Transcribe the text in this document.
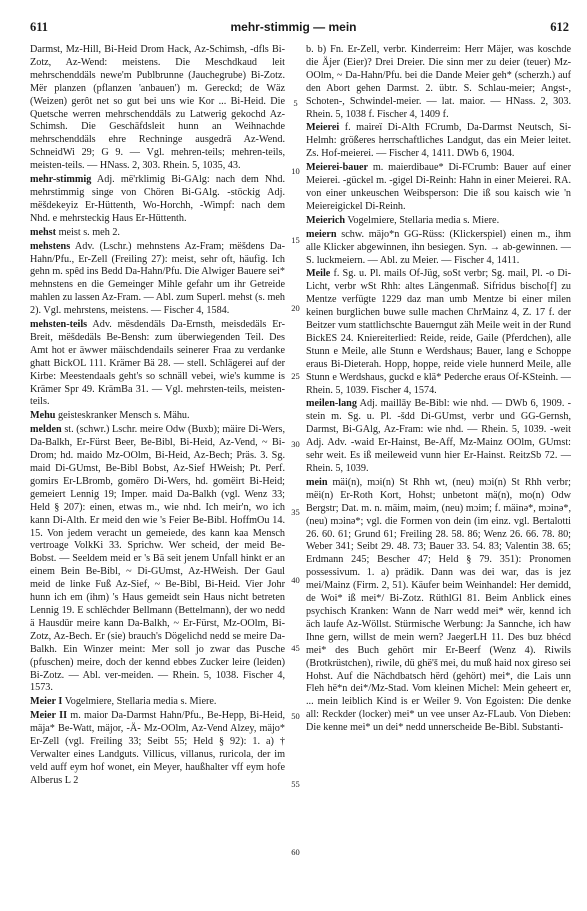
611	mehr-stimmig — mein	612

Darmst, Mz-Hill, Bi-Heid Drom Hack, Az-Schimsh, -dfls Bi-Zotz, Az-Wend: meistens. Die Meschdkaud leit mehrschenddäls newe'm Publbrunne (Jauchegrube) Bi-Zotz. Mër planzen (pflanzen 'anbauen') m. Gereckd; de Wäz (Weizen) gerôt net so gut bei uns wie Kor ... Bi-Heid. Die Quetsche werren mehrschenddäls zu Latwerig gekochd Az-Schimsh. Die Geschäfdsleit hunn an Weihnachde mehrschenddäls ehre Rechninge ausgedrä Az-Wend. SchneidWi 29; G 9. — Vgl. mehren-teils; mehren-teils, meisten-teils. — HNass. 2, 303. Rhein. 5, 1035, 43.

mehr-stimmig Adj. më'rklimig Bi-GAlg: nach dem Nhd. mehrstimmig singe von Chören Bi-GAlg. -stöckig Adj. mëšdekeyiz Er-Hüttenth, Wo-Horchh, -Wimpf: nach dem Nhd. e mehrsteckig Haus Er-Hüttenth.

mehst meist s. meh 2.

mehstens Adv. (Lschr.) mehnstens Az-Fram; mëšdens Da-Hahn/Pfu., Er-Zell (Freiling 27): meist, sehr oft, häufig. Ich gehn m. spêd ins Bedd Da-Hahn/Pfu. Die Alwiger Bauere sei* mehnstens en die Gemeinger Mihle gefahr um ihr Getreide mahlen zu lassen Az-Fram. — Abl. zum Superl. mehst (s. meh 2). Vgl. mehrstens, meistens. — Fischer 4, 1584.

mehsten-teils Adv. mësdendäls Da-Ernsth, meisdedäls Er-Breit, mëšdedäls Be-Bensh: zum überwiegenden Teil. Des Amt hot er äwwer mäischdendails seinerer Fraa zu verdanke ghatt BickOL 111. Krämer Bä 28. — stell. Schlägerei auf der Kirbe: Meestendaals geht's so schnäll vebei, wie's kumme is Krämer Spr 49. KrämBa 31. — Vgl. mehrsten-teils, meisten-teils.

Mehu geisteskranker Mensch s. Mähu.

melden st. (schwr.) Lschr. meire Odw (Buxb); mäire Di-Wers, Da-Balkh, Er-Fürst Beer, Be-Bibl, Bi-Heid, Az-Vend, ~ Bi-Drom; hd. maido Mz-OOlm, Bi-Heid, Az-Bech; Präs. 3. Sg. maid Di-GUmst, Be-Bibl Bobst, Az-Sief HWeish; Pt. Perf. gomirs Er-LBromb, gomëro Di-Wers, hd. gomëirt Bi-Heid; gemeiert Lennig 19; Imper. maid Da-Balkh (vgl. Wenz 33; Held § 207): einen, etwas m., wie nhd. Ich meir'n, wo ich kann Di-Alth. Er meid den wie 's Feier Be-Bibl. HoffmOu 14. 15. Von jedem veracht un gemeiede, des kann kaa Mensch vertroage VolkKi 33. Sprichw. Wer scheid, der meid Be-Bobst. — Seeldem meid er 's Bä seit jenem Unfall hinkt er an einem Bein Be-Bibl, ~ Di-GUmst, Az-HWeish. Der Gaul meid de linke Fuß Az-Sief, ~ Be-Bibl, Bi-Heid. Vier Johr hunn ich em (ihm) 's Haus gemeidt sein Haus nicht betreten Lennig 19. E schlëchder Bellmann (Bettelmann), der wo nedd ä Hausdür meire kann Da-Balkh, ~ Er-Fürst, Mz-OOlm, Bi-Zotz, Az-Bech. Er (sie) brauch's Dögelichd nedd se meire Da-Balkh. Ein Winzer meint: Mer soll jo zwar das Pusche (pfuschen) meire, doch der kennd ebbes Zucker leire (leiden) Bi-Zotz. — Abl. ver-meiden. — Rhein. 5, 1038. Fischer 4, 1573.

Meier I Vogelmiere, Stellaria media s. Miere.

Meier II m. maior Da-Darmst Hahn/Pfu., Be-Hepp, Bi-Heid, mäja* Be-Watt, mäjor, -Ä- Mz-OOlm, Az-Vend Alzey, mäjo* Er-Zell (vgl. Freiling 33; Seibt 55; Held § 92): 1. a) † Verwalter eines Landguts. Villicus, villanus, ruricola, der im veld auff eym hof wonet, ein Meyer, haußhalter vff eym hofe Alberus L 2

5
10
15
20
25
30
35
40
45
50
55
60

b. b) Fn. Er-Zell, verbr. Kinderreim: Herr Mäjer, was koschde die Äjer (Eier)? Drei Dreier. Die sinn mer zu deier (teuer) Mz-OOlm, ~ Da-Hahn/Pfu. bei die Dande Meier geh* (scherzh.) auf den Abort gehen Darmst. 2. übtr. S. Schlau-meier; Angst-, Schoten-, Schwindel-meier. — lat. maior. — HNass. 2, 303. Rhein. 5, 1038 f. Fischer 4, 1409 f.

Meierei f. maireï Di-Alth FCrumb, Da-Darmst Neutsch, Si-Helmh: größeres herrschaftliches Landgut, das ein Meier leitet. Zs. Hof-meierei. — Fischer 4, 1411. DWb 6, 1904.

Meierei-bauer m. maierdibaue* Di-FCrumb: Bauer auf einer Meierei. -gückel m. -gigel Di-Reinh: Hahn in einer Meierei. RA. von einer unkeuschen Weibsperson: Die iß sou kaisch wie 'n Meiereigickel Di-Reinh.

Meierich Vogelmiere, Stellaria media s. Miere.

meiern schw. mäjo*n GG-Rüss: (Klickerspiel) einen m., ihm alle Klicker abgewinnen, ihn besiegen. Syn. → ab-gewinnen. — S. luckmeiern. — Abl. zu Meier. — Fischer 4, 1411.

Meile f. Sg. u. Pl. mails Of-Jüg, soSt verbr; Sg. mail, Pl. -o Di-Licht, verbr wSt Rhh: altes Längenmaß. Sifridus bischo[f] zu Mentze verfügte 1229 daz man umb Mentze bi einer milen keinen burglichen buwe sulle machen ChrMainz 4, Z. 17 f. der Beitzer vum stattlichschte Bauerngut zäh Meile weit in der Rund BickES 24. Kniereiterlied: Reide, reide, Gaile (Pferdchen), alle Stunn e Meile, alle Stunn e Werdshaus; Bauer, lang e Schoppe eraus Bi-Dieterah. Hopp, hoppe, reide viele hunnerd Meile, alle Stunn e Werdshaus, guckd e klä* Pederche eraus Of-KSteinh. — Rhein. 5, 1039. Fischer 4, 1574.

meilen-lang Adj. maillāy Be-Bibl: wie nhd. — DWb 6, 1909. -stein m. Sg. u. Pl. -šdd Di-GUmst, verbr und GG-Gernsh, Darmst, Bi-GAlg, Az-Fram: wie nhd. — Rhein. 5, 1039. -weit Adj. Adv. -waid Er-Hainst, Be-Aff, Mz-Mainz OOlm, GUmst: sehr weit. Es iß meileweid vunn hier Er-Hainst. ReitzSb 72. — Rhein. 5, 1039.

mein mäi(n), mɔi(n) St Rhh wt, (neu) mɔi(n) St Rhh verbr; mëi(n) Er-Roth Kort, Hohst; unbetont mä(n), mo(n) Odw Bergstr; Dat. m. n. mäim, məim, (neu) mɔim; f. mäinə*, mɔinə*, (neu) mɔinə*; vgl. die Formen von dein (im einz. vgl. Bertalotti 26. 60. 61; Grund 61; Freiling 28. 58. 86; Wenz 26. 66. 78. 80; Weber 341; Seibt 29. 48. 73; Bauer 33. 54. 83; Valentin 38. 65; Erdmann 245; Bescher 47; Held § 79. 351): Pronomen possessivum. 1. a) prädik. Dann was dei war, das is jez mei/Mainz (Firm. 2, 51). Käufer beim Weinhandel: Her demidd, de Woi* iß mei*/ Bi-Zotz. RüthlGl 81. Beim Anblick eines psychisch Kranken: Wann de Narr wedd mei* wër, kennd ich äch laufe Az-Wöllst. Stürmische Werbung: Ja Sannche, ich haw Ihne gern, willst de mein wern? JaegerLH 11. Des buz bhécd mei* des Buch gehört mir Er-Beerf (Wenz 4). Riwils (Brotkrüstchen), riwile, dü ghë'š mei, du muß haid nox gireso sei Hohst. Auf die Nächdbatsch hërd (gehört) mei*, die Lais unn Fleh hë*n dei*/Mz-Stad. Vom kleinen Michel: Mein geheert er, ... mein leiblich Kind is er Weiler 9. Von Egoisten: Die denke all: Reckder (locker) mei* un vee unser Az-FLaub. Von Dieben: Die kenne mei* un dei* nedd unnerscheide Be-Bibl. Substanti-
